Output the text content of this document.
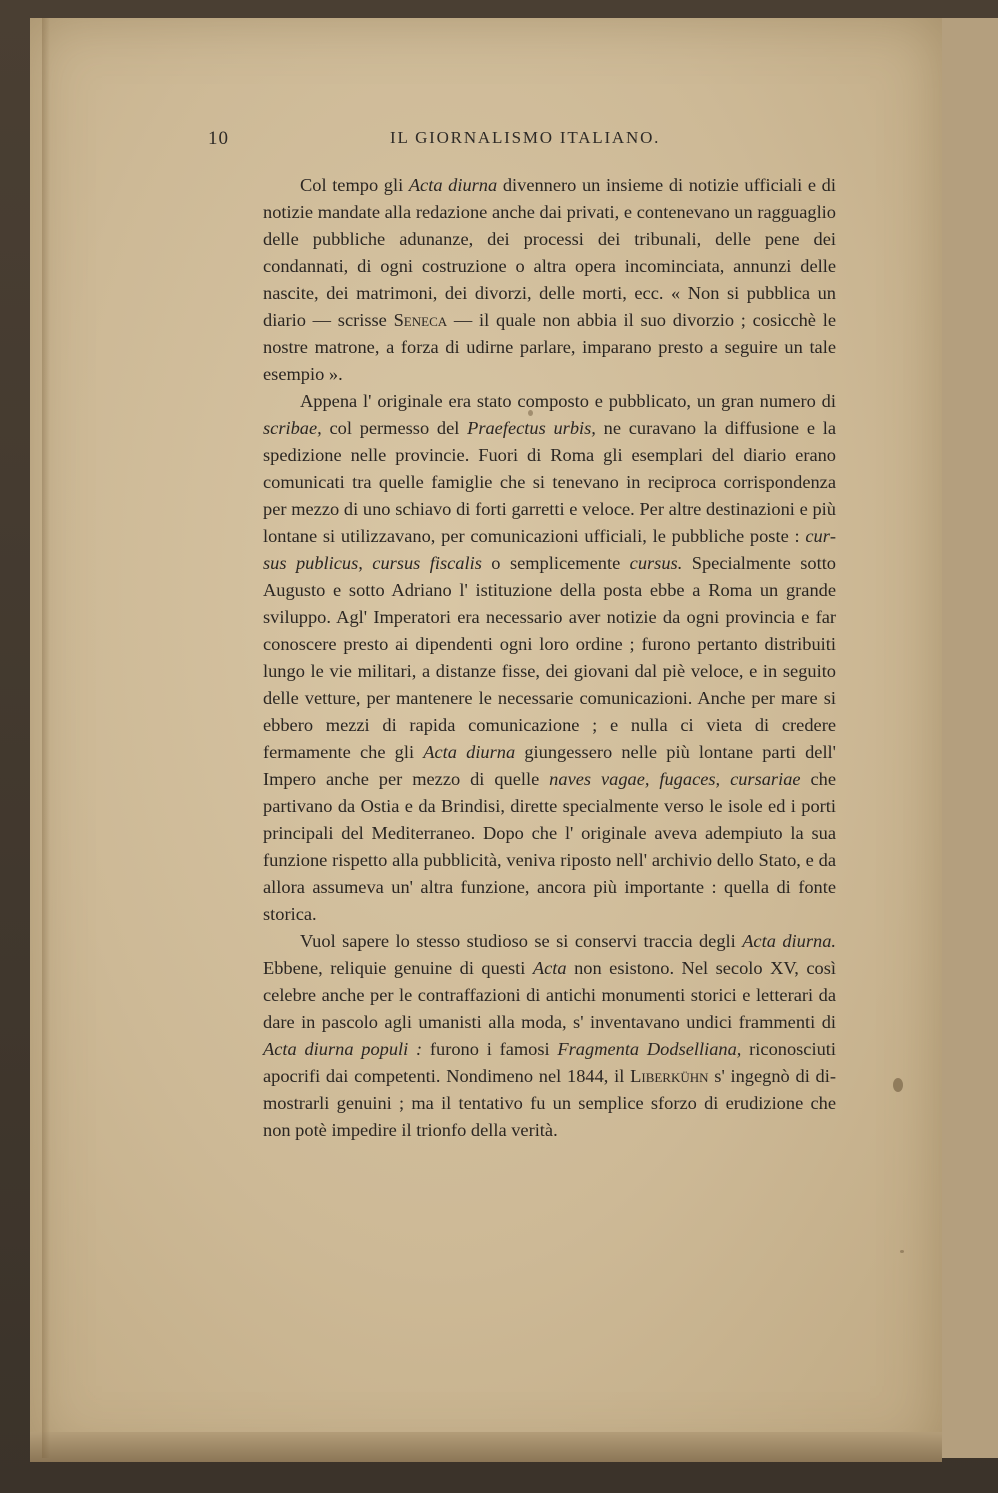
10	IL GIORNALISMO ITALIANO.

Col tempo gli Acta diurna divennero un insieme di notizie ufficiali e di notizie mandate alla redazione anche dai privati, e contenevano un ragguaglio delle pubbliche adunanze, dei processi dei tribunali, delle pene dei condannati, di ogni costruzione o altra opera incominciata, annunzi delle nascite, dei matrimoni, dei divorzi, delle morti, ecc. « Non si pubblica un diario — scrisse Seneca — il quale non abbia il suo divorzio ; cosicchè le nostre matrone, a forza di udirne parlare, imparano presto a seguire un tale esempio ».

Appena l' originale era stato composto e pubblicato, un gran numero di scribae, col permesso del Praefectus urbis, ne curavano la diffusione e la spedizione nelle provincie. Fuori di Roma gli esemplari del diario erano comunicati tra quelle famiglie che si tenevano in reciproca corrispondenza per mezzo di uno schiavo di forti garretti e veloce. Per altre destinazioni e più lontane si utilizzavano, per comunicazioni ufficiali, le pubbliche poste : cursus publicus, cursus fiscalis o semplicemente cursus. Specialmente sotto Augusto e sotto Adriano l' istituzione della posta ebbe a Roma un grande sviluppo. Agl' Imperatori era necessario aver notizie da ogni provincia e far conoscere presto ai dipendenti ogni loro ordine ; furono pertanto distribuiti lungo le vie militari, a distanze fisse, dei giovani dal piè veloce, e in seguito delle vetture, per mantenere le necessarie comunicazioni. Anche per mare si ebbero mezzi di rapida comunicazione ; e nulla ci vieta di credere fermamente che gli Acta diurna giungessero nelle più lontane parti dell' Impero anche per mezzo di quelle naves vagae, fugaces, cursariae che partivano da Ostia e da Brindisi, dirette specialmente verso le isole ed i porti principali del Mediterraneo. Dopo che l' originale aveva adempiuto la sua funzione rispetto alla pubblicità, veniva riposto nell' archivio dello Stato, e da allora assumeva un' altra funzione, ancora più importante : quella di fonte storica.

Vuol sapere lo stesso studioso se si conservi traccia degli Acta diurna. Ebbene, reliquie genuine di questi Acta non esistono. Nel secolo XV, così celebre anche per le contraffazioni di antichi monumenti storici e letterari da dare in pascolo agli umanisti alla moda, s' inventavano undici frammenti di Acta diurna populi : furono i famosi Fragmenta Dodselliana, riconosciuti apocrifi dai competenti. Nondimeno nel 1844, il Liberkühn s' ingegnò di dimostrarli genuini ; ma il tentativo fu un semplice sforzo di erudizione che non potè impedire il trionfo della verità.
